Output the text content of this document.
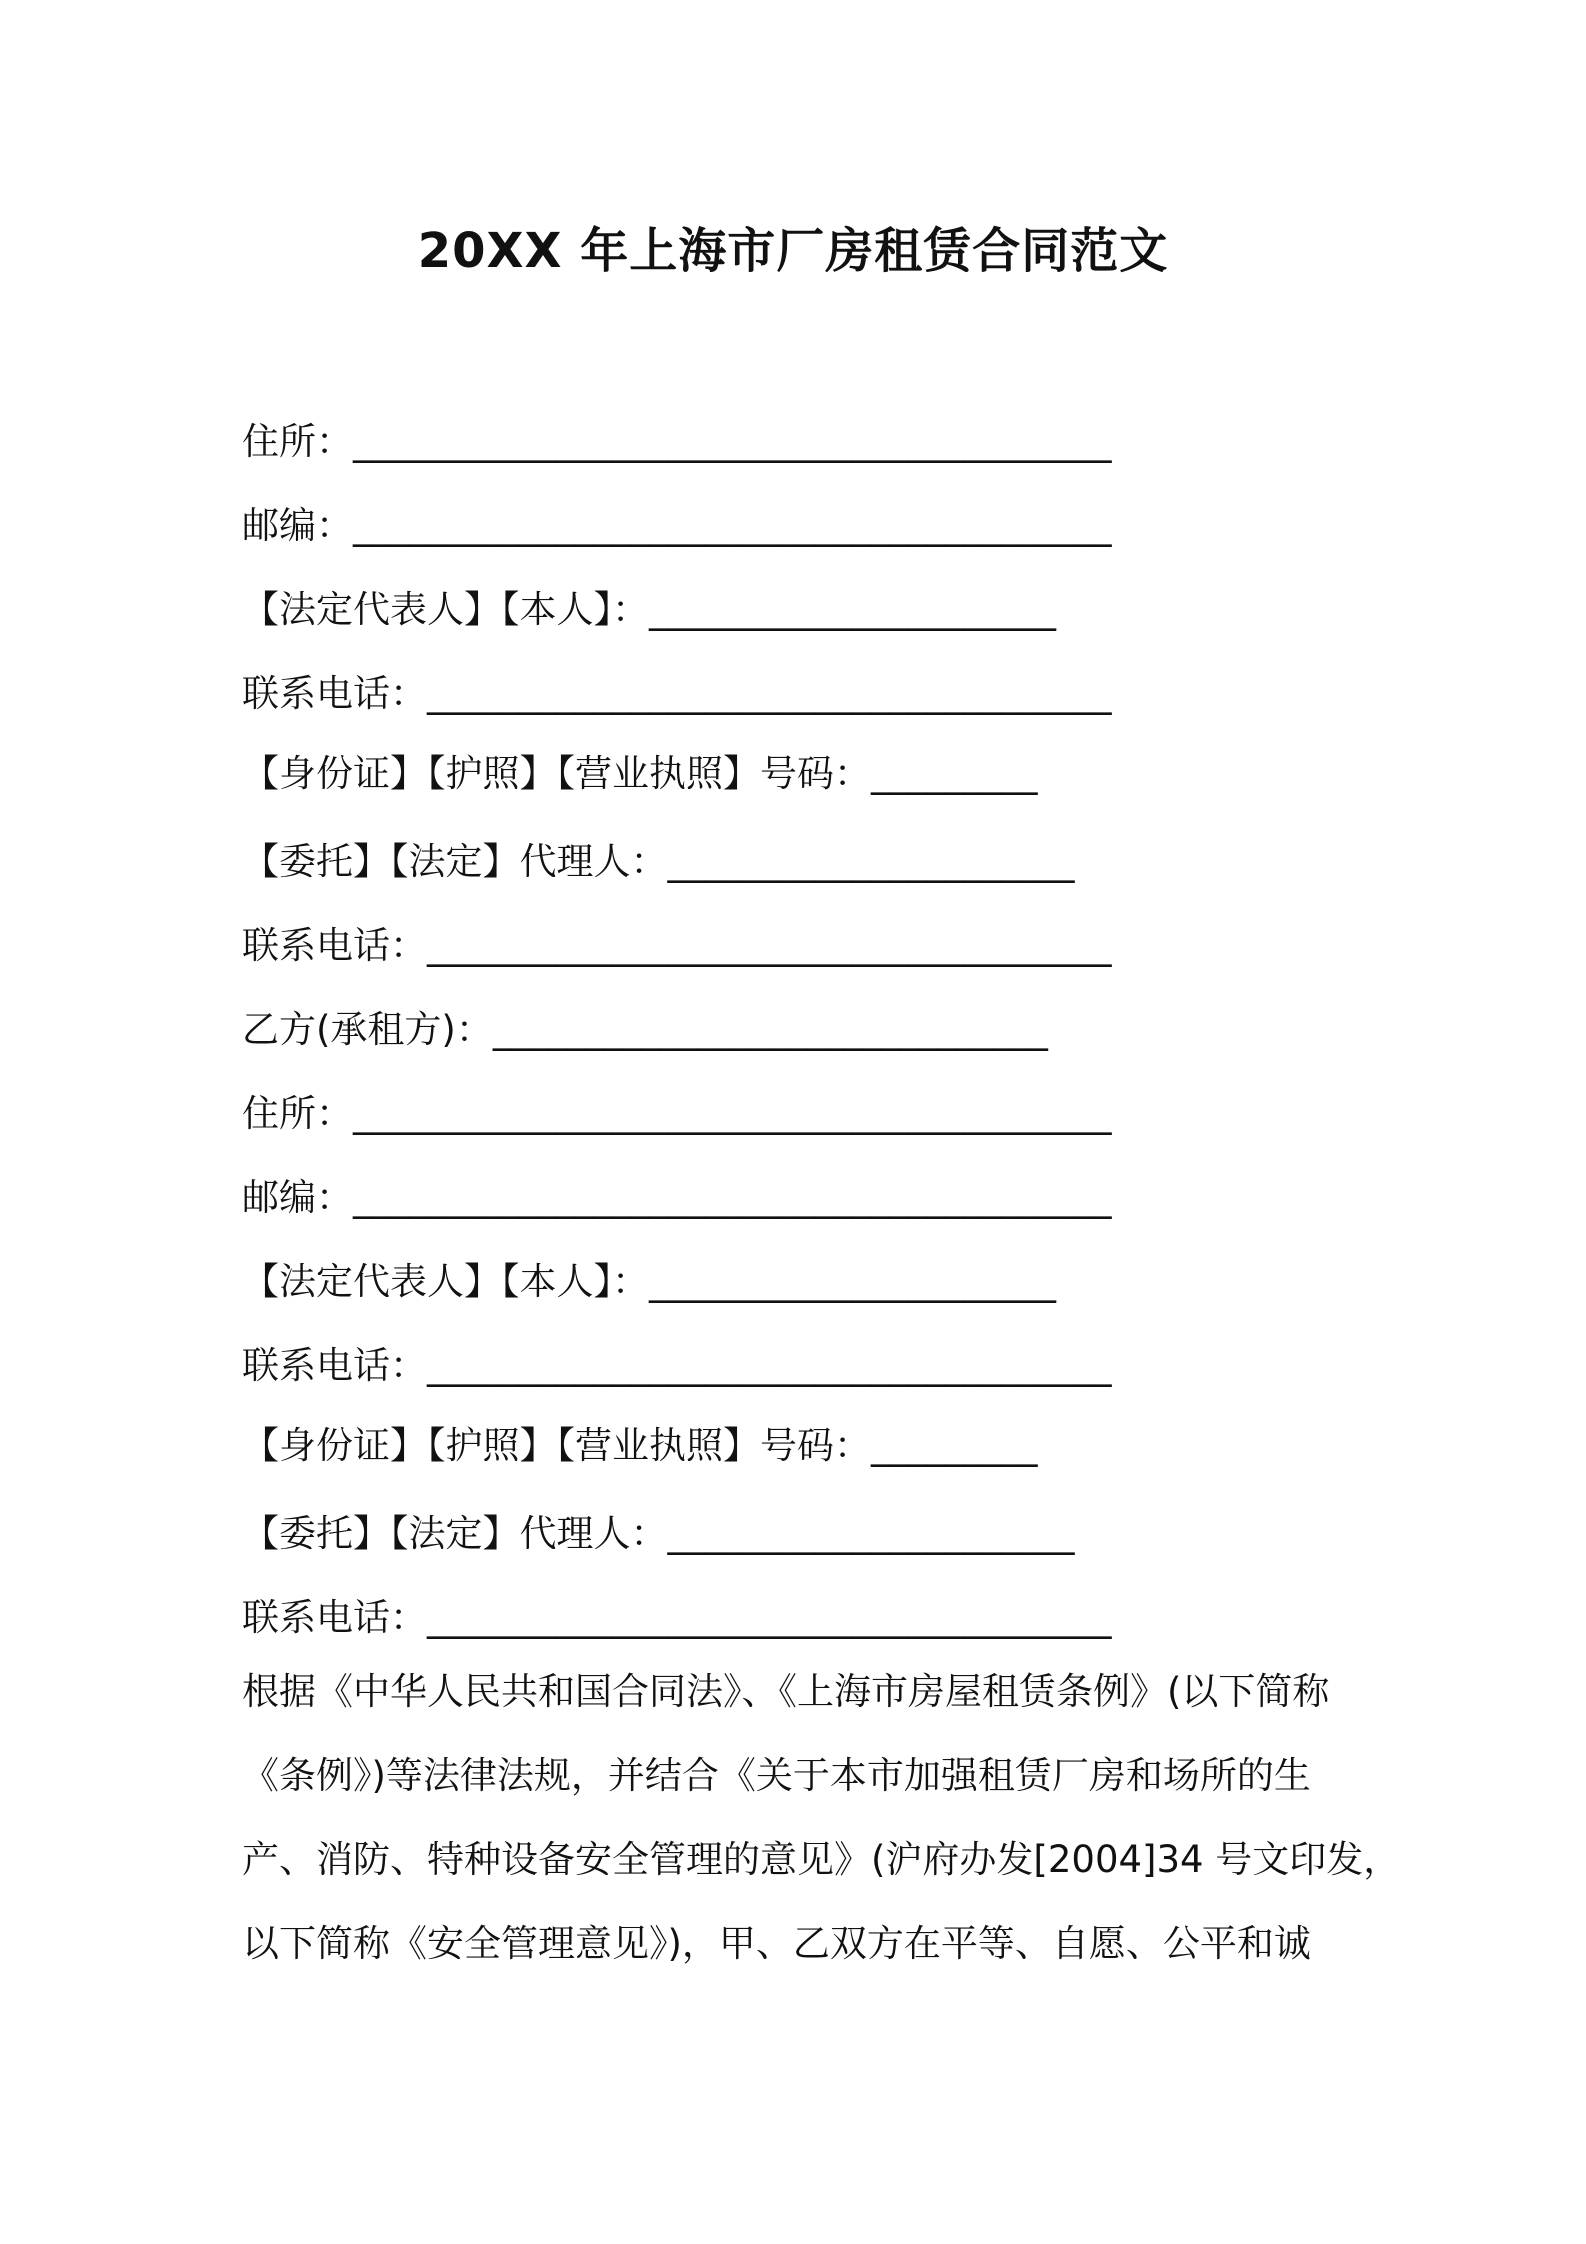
20XX 年上海市厂房租赁合同范文

住所：_________________________________________

邮编：_________________________________________

【法定代表人】【本人】：______________________

联系电话：_____________________________________

【身份证】【护照】【营业执照】号码：_________

【委托】【法定】代理人：______________________

联系电话：_____________________________________

乙方(承租方)：______________________________

住所：_________________________________________

邮编：_________________________________________

【法定代表人】【本人】：______________________

联系电话：_____________________________________

【身份证】【护照】【营业执照】号码：_________

【委托】【法定】代理人：______________________

联系电话：_____________________________________

根据《中华人民共和国合同法》、《上海市房屋租赁条例》(以下简称
《条例》)等法律法规，并结合《关于本市加强租赁厂房和场所的生
产、消防、特种设备安全管理的意见》(沪府办发[2004]34 号文印发，
以下简称《安全管理意见》)，甲、乙双方在平等、自愿、公平和诚
